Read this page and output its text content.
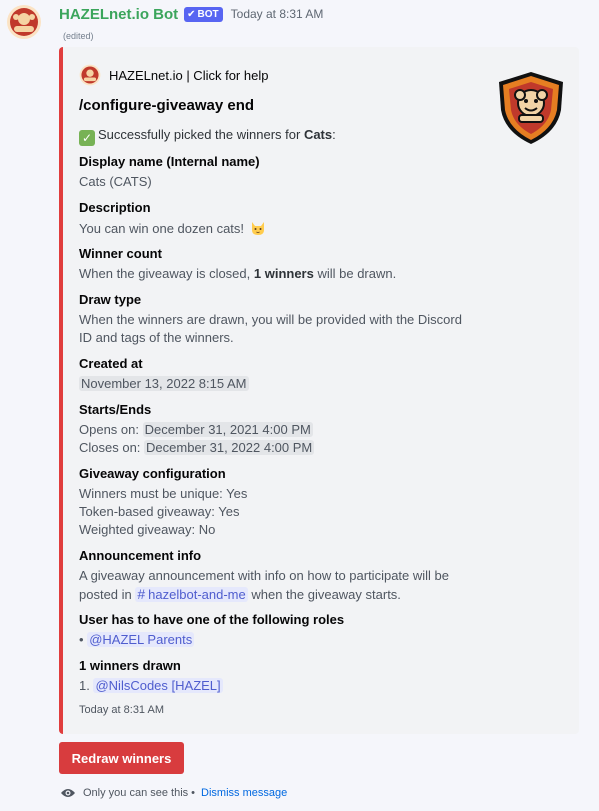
HAZELnet.io Bot ✔ BOT Today at 8:31 AM
(edited)
HAZELnet.io | Click for help
/configure-giveaway end
✓ Successfully picked the winners for Cats:
Display name (Internal name)
Cats (CATS)
Description
You can win one dozen cats!
Winner count
When the giveaway is closed, 1 winners will be drawn.
Draw type
When the winners are drawn, you will be provided with the Discord
ID and tags of the winners.
Created at
November 13, 2022 8:15 AM
Starts/Ends
Opens on: December 31, 2021 4:00 PM
Closes on: December 31, 2022 4:00 PM
Giveaway configuration
Winners must be unique: Yes
Token-based giveaway: Yes
Weighted giveaway: No
Announcement info
A giveaway announcement with info on how to participate will be
posted in # hazelbot-and-me when the giveaway starts.
User has to have one of the following roles
• @HAZEL Parents
1 winners drawn
1. @NilsCodes [HAZEL]
Today at 8:31 AM
Redraw winners
Only you can see this • Dismiss message
